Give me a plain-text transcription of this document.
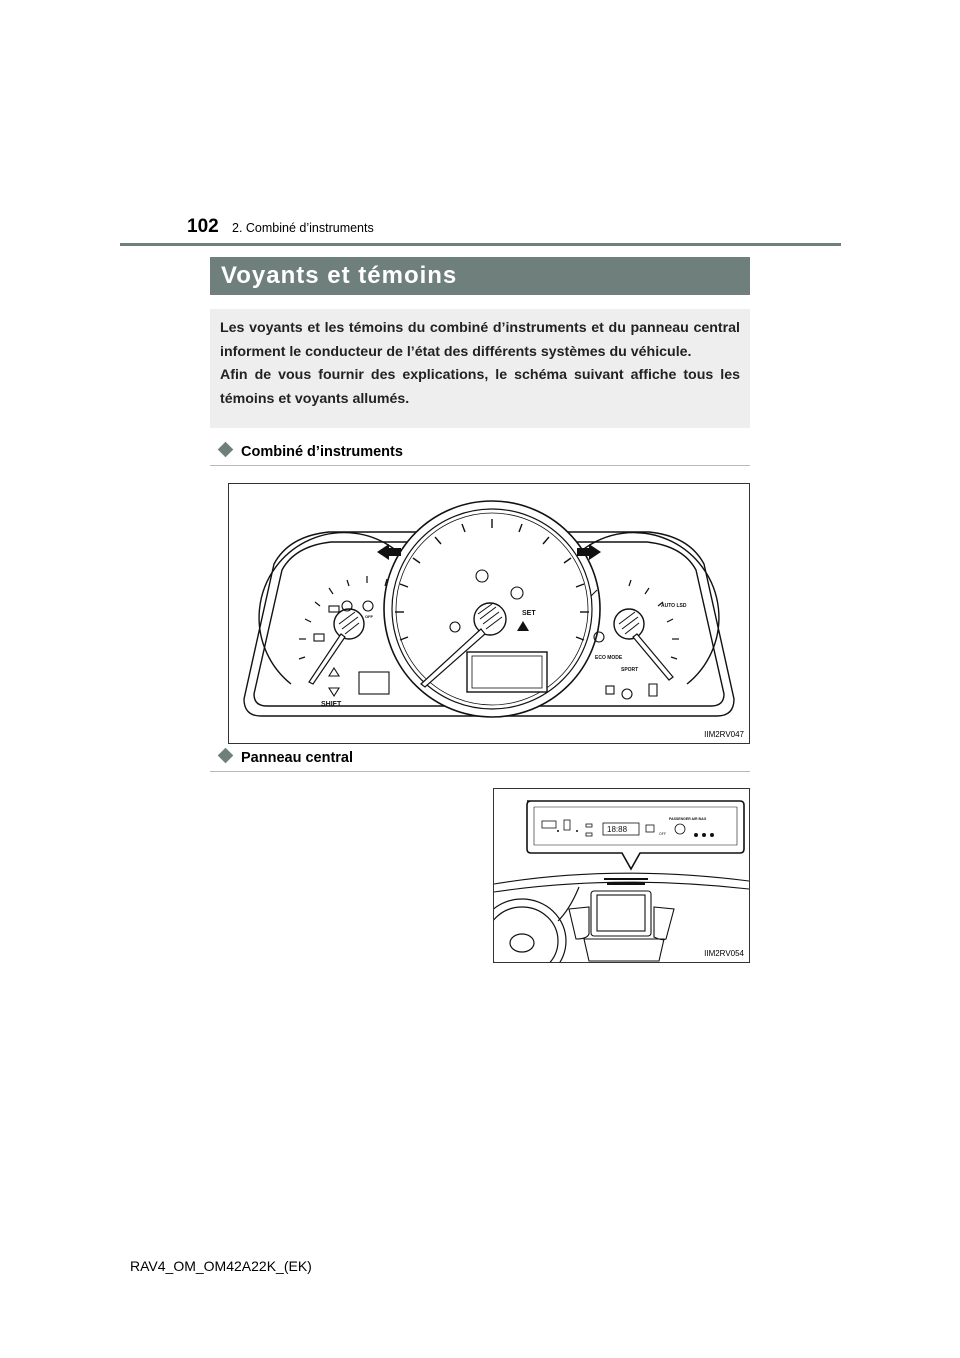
102 2. Combiné d’instruments
Voyants et témoins

Les voyants et les témoins du combiné d’instruments et du panneau central informent le conducteur de l’état des différents systèmes du véhicule.

Afin de vous fournir des explications, le schéma suivant affiche tous les témoins et voyants allumés.

Combiné d’instruments
SHIFT
SET
ECO MODE
SPORT
AUTO LSD
OFF
IIM2RV047
Panneau central
18:88
PASSENGER AIR BAG
OFF
IIM2RV054
RAV4_OM_OM42A22K_(EK)
